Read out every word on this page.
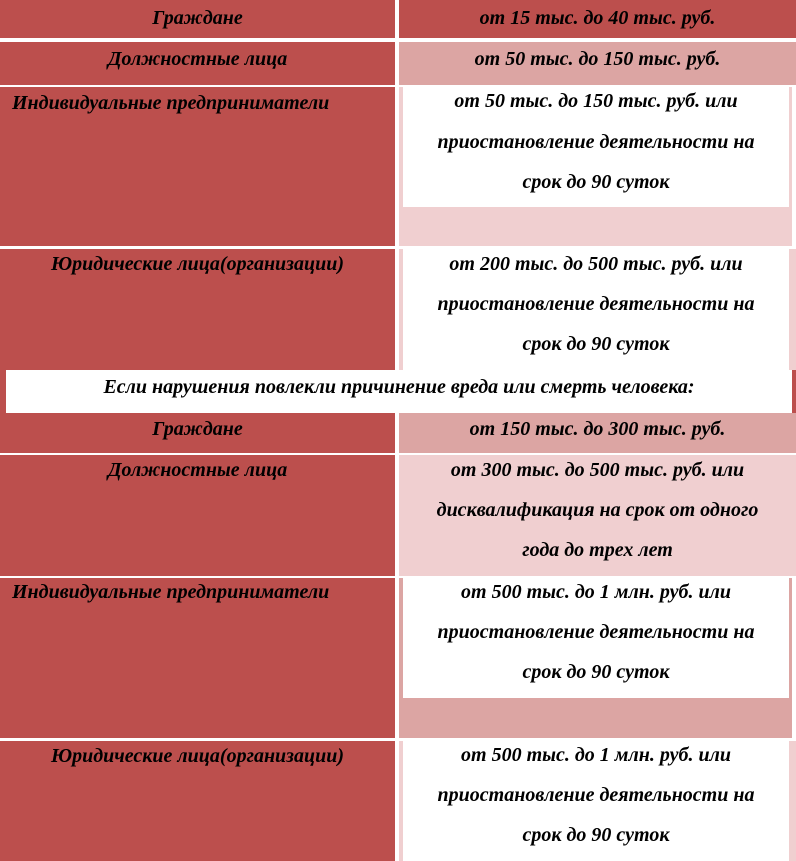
Граждане	от 15 тыс. до 40 тыс. руб.
Должностные лица	от 50 тыс. до 150 тыс. руб.
Индивидуальные предприниматели	от 50 тыс. до 150 тыс. руб. или
приостановление деятельности на
срок до 90 суток
Юридические лица(организации)	от 200 тыс. до 500 тыс. руб. или
приостановление деятельности на
срок до 90 суток
Если нарушения повлекли причинение вреда или смерть человека:
Граждане	от 150 тыс. до 300 тыс. руб.
Должностные лица	от 300 тыс. до 500 тыс. руб. или
дисквалификация на срок от одного
года до трех лет
Индивидуальные предприниматели	от 500 тыс. до 1 млн. руб. или
приостановление деятельности на
срок до 90 суток
Юридические лица(организации)	от 500 тыс. до 1 млн. руб. или
приостановление деятельности на
срок до 90 суток
